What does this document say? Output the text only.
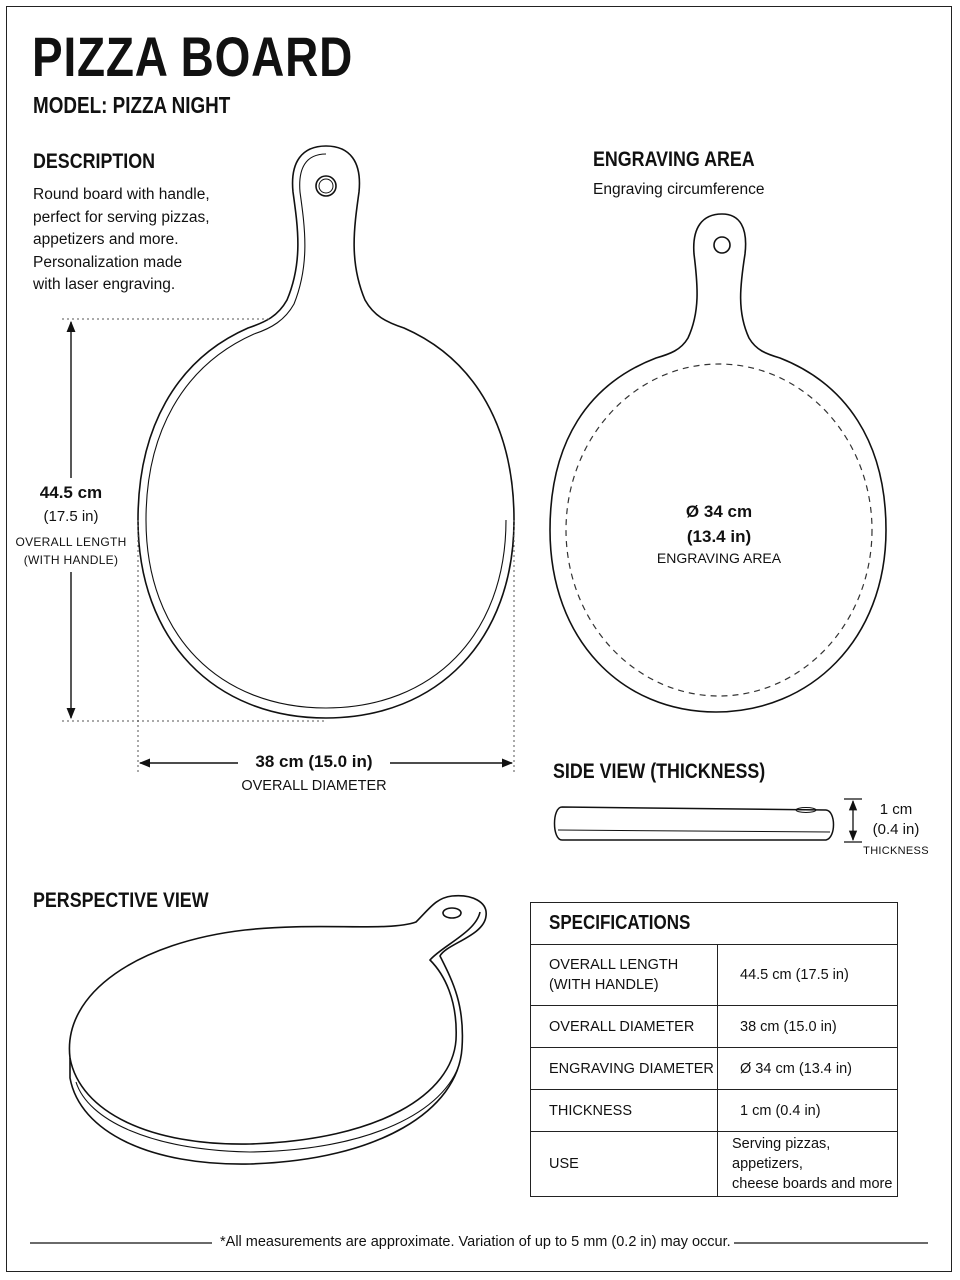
PIZZA BOARD
MODEL: PIZZA NIGHT
DESCRIPTION
Round board with handle,
perfect for serving pizzas,
appetizers and more.
Personalization made
with laser engraving.
44.5 cm
(17.5 in)
OVERALL LENGTH
(WITH HANDLE)
38 cm (15.0 in)
OVERALL DIAMETER
ENGRAVING AREA
Engraving circumference
Ø 34 cm
(13.4 in)
ENGRAVING AREA
SIDE VIEW (THICKNESS)
1 cm
(0.4 in)
THICKNESS
PERSPECTIVE VIEW
SPECIFICATIONS	

OVERALL LENGTH
(WITH HANDLE)	44.5 cm (17.5 in)
OVERALL DIAMETER	38 cm (15.0 in)
ENGRAVING DIAMETER	Ø 34 cm (13.4 in)
THICKNESS	1 cm (0.4 in)
USE	Serving pizzas, appetizers,
cheese boards and more
*All measurements are approximate. Variation of up to 5 mm (0.2 in) may occur.
